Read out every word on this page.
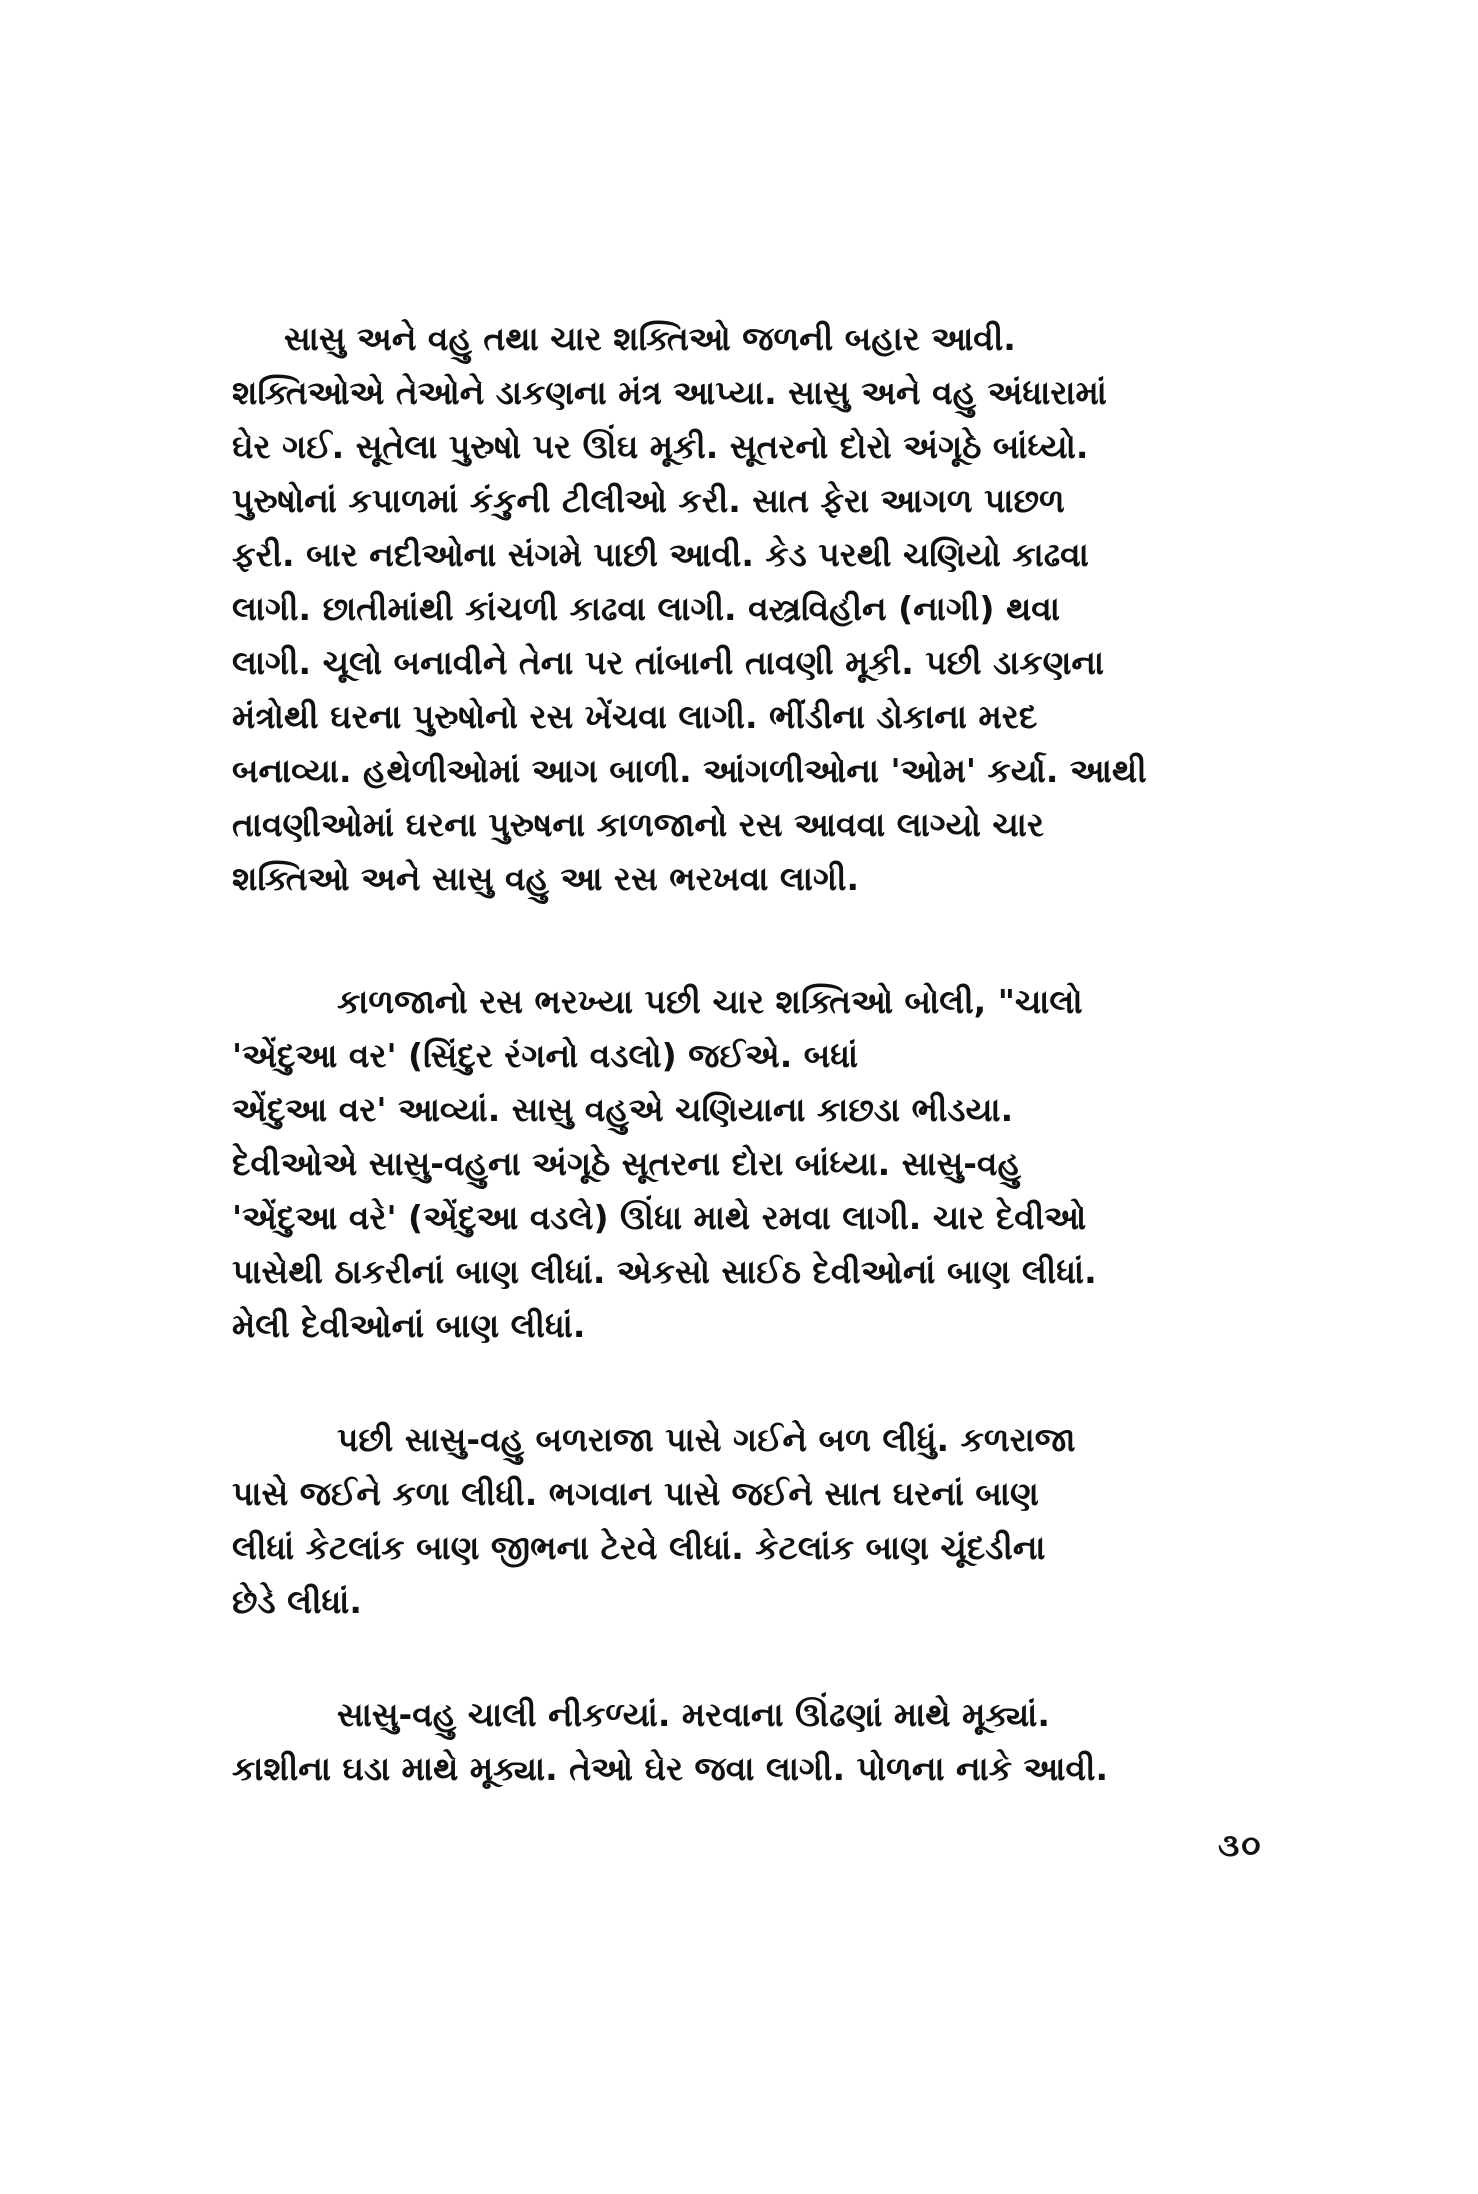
સાસુ અને વહુ તથા ચાર શક્તિઓ જળની બહાર આવી.
શક્તિઓએ તેઓને ડાકણના મંત્ર આપ્યા. સાસુ અને વહુ અંધારામાં
ઘેર ગઈ. સૂતેલા પુરુષો પર ઊંઘ મૂકી. સૂતરનો દોરો અંગૂઠે બાંધ્યો.
પુરુષોનાં કપાળમાં કંકુની ટીલીઓ કરી. સાત ફેરા આગળ પાછળ
ફરી. બાર નદીઓના સંગમે પાછી આવી. કેડ પરથી ચણિયો કાઢવા
લાગી. છાતીમાંથી કાંચળી કાઢવા લાગી. વસ્ત્રવિહીન (નાગી) થવા
લાગી. ચૂલો બનાવીને તેના પર તાંબાની તાવણી મૂકી. પછી ડાકણના
મંત્રોથી ઘરના પુરુષોનો રસ ખેંચવા લાગી. ભીંડીના ડોકાના મરદ
બનાવ્યા. હથેળીઓમાં આગ બાળી. આંગળીઓના 'ઓમ' કર્યા. આથી
તાવણીઓમાં ઘરના પુરુષના કાળજાનો રસ આવવા લાગ્યો ચાર
શક્તિઓ અને સાસુ વહુ આ રસ ભરખવા લાગી.

કાળજાનો રસ ભરખ્યા પછી ચાર શક્તિઓ બોલી, "ચાલો
'એંદુઆ વર' (સિંદુર રંગનો વડલો) જઈએ. બધાં
એંદુઆ વર' આવ્યાં. સાસુ વહુએ ચણિયાના કાછડા ભીડયા.
દેવીઓએ સાસુ-વહુના અંગૂઠે સૂતરના દોરા બાંધ્યા. સાસુ-વહુ
'એંદુઆ વરે' (એંદુઆ વડલે) ઊંધા માથે રમવા લાગી. ચાર દેવીઓ
પાસેથી ઠાકરીનાં બાણ લીધાં. એકસો સાઈઠ દેવીઓનાં બાણ લીધાં.
મેલી દેવીઓનાં બાણ લીધાં.

પછી સાસુ-વહુ બળરાજા પાસે ગઈને બળ લીધું. કળરાજા
પાસે જઈને કળા લીધી. ભગવાન પાસે જઈને સાત ઘરનાં બાણ
લીધાં કેટલાંક બાણ જીભના ટેરવે લીધાં. કેટલાંક બાણ ચૂંદડીના
છેડે લીધાં.

સાસુ-વહુ ચાલી નીકળ્યાં. મરવાના ઊંઢણાં માથે મૂક્યાં.
કાશીના ઘડા માથે મૂક્યા. તેઓ ઘેર જવા લાગી. પોળના નાકે આવી.

૩૦
